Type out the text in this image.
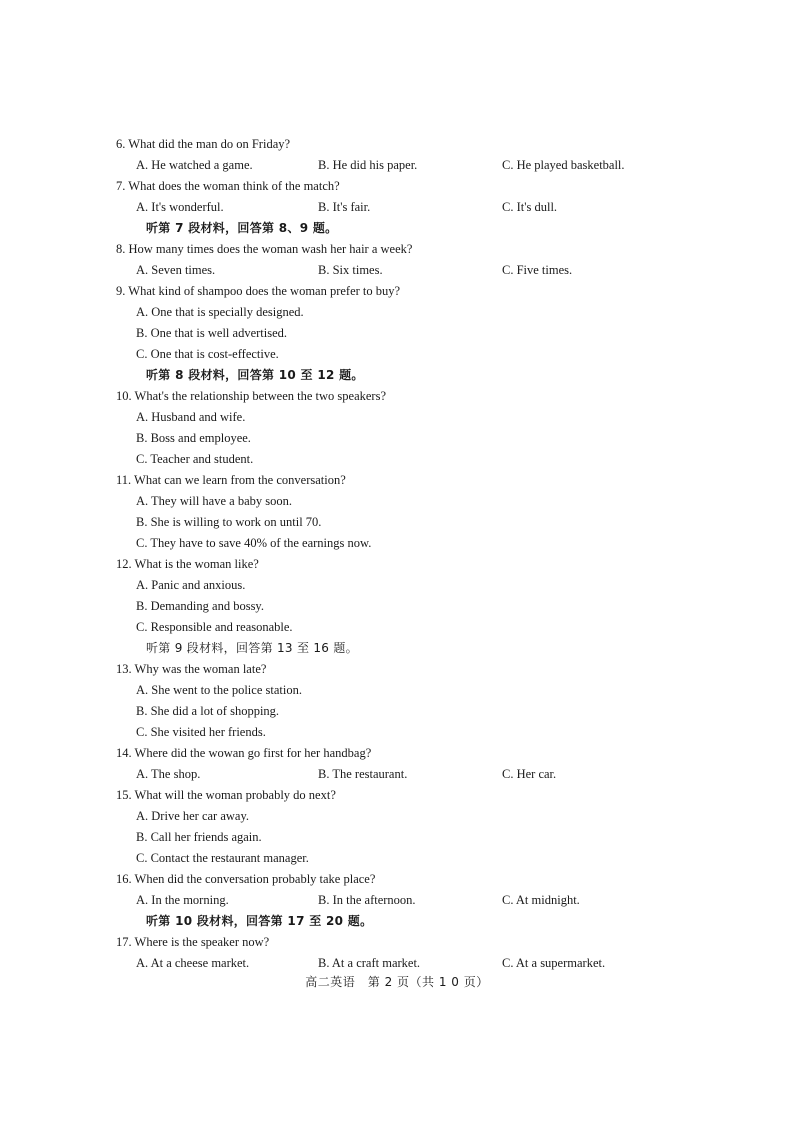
6. What did the man do on Friday?
A. He watched a game.	B. He did his paper.	C. He played basketball.
7. What does the woman think of the match?
A. It's wonderful.	B. It's fair.	C. It's dull.
听第 7 段材料，回答第 8、9 题。
8. How many times does the woman wash her hair a week?
A. Seven times.	B. Six times.	C. Five times.
9. What kind of shampoo does the woman prefer to buy?
A. One that is specially designed.
B. One that is well advertised.
C. One that is cost-effective.
听第 8 段材料，回答第 10 至 12 题。
10. What's the relationship between the two speakers?
A. Husband and wife.
B. Boss and employee.
C. Teacher and student.
11. What can we learn from the conversation?
A. They will have a baby soon.
B. She is willing to work on until 70.
C. They have to save 40% of the earnings now.
12. What is the woman like?
A. Panic and anxious.
B. Demanding and bossy.
C. Responsible and reasonable.
听第 9 段材料，回答第 13 至 16 题。
13. Why was the woman late?
A. She went to the police station.
B. She did a lot of shopping.
C. She visited her friends.
14. Where did the wowan go first for her handbag?
A. The shop.	B. The restaurant.	C. Her car.
15. What will the woman probably do next?
A. Drive her car away.
B. Call her friends again.
C. Contact the restaurant manager.
16. When did the conversation probably take place?
A. In the morning.	B. In the afternoon.	C. At midnight.
听第 10 段材料，回答第 17 至 20 题。
17. Where is the speaker now?
A. At a cheese market.	B. At a craft market.	C. At a supermarket.
高二英语　第 2 页（共 1 0 页）
